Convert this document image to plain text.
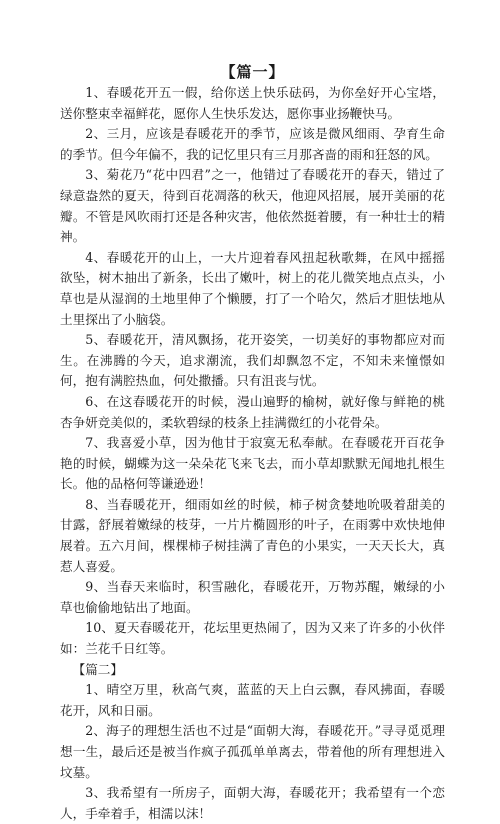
【篇一】

1、春暖花开五一假，给你送上快乐砝码，为你垒好开心宝塔，送你整束幸福鲜花，愿你人生快乐发达，愿你事业扬鞭快马。

2、三月，应该是春暖花开的季节，应该是微风细雨、孕育生命的季节。但今年偏不，我的记忆里只有三月那吝啬的雨和狂怒的风。

3、菊花乃“花中四君”之一，他错过了春暖花开的春天，错过了绿意盎然的夏天，待到百花凋落的秋天，他迎风招展，展开美丽的花瓣。不管是风吹雨打还是各种灾害，他依然挺着腰，有一种壮士的精神。

4、春暖花开的山上，一大片迎着春风扭起秋歌舞，在风中摇摇欲坠，树木抽出了新条，长出了嫩叶，树上的花儿微笑地点点头，小草也是从湿润的土地里伸了个懒腰，打了一个哈欠，然后才胆怯地从土里探出了小脑袋。

5、春暖花开，清风飘扬，花开姿笑，一切美好的事物都应对而生。在沸腾的今天，追求潮流，我们却飘忽不定，不知未来憧憬如何，抱有满腔热血，何处撒播。只有沮丧与忧。

6、在这春暖花开的时候，漫山遍野的榆树，就好像与鲜艳的桃杏争妍竞美似的，柔软碧绿的枝条上挂满微红的小花骨朵。

7、我喜爱小草，因为他甘于寂寞无私奉献。在春暖花开百花争艳的时候，蝴蝶为这一朵朵花飞来飞去，而小草却默默无闻地扎根生长。他的品格何等谦逊逊！

8、当春暖花开，细雨如丝的时候，柿子树贪婪地吮吸着甜美的甘露，舒展着嫩绿的枝芽，一片片椭圆形的叶子，在雨雾中欢快地伸展着。五六月间，棵棵柿子树挂满了青色的小果实，一天天长大，真惹人喜爱。

9、当春天来临时，积雪融化，春暖花开，万物苏醒，嫩绿的小草也偷偷地钻出了地面。

10、夏天春暖花开，花坛里更热闹了，因为又来了许多的小伙伴如：兰花千日红等。

【篇二】

1、晴空万里，秋高气爽，蓝蓝的天上白云飘，春风拂面，春暖花开，风和日丽。

2、海子的理想生活也不过是“面朝大海，春暖花开。”寻寻觅觅理想一生，最后还是被当作疯子孤孤单单离去，带着他的所有理想进入坟墓。

3、我希望有一所房子，面朝大海，春暖花开；我希望有一个恋人，手牵着手，相濡以沫！
